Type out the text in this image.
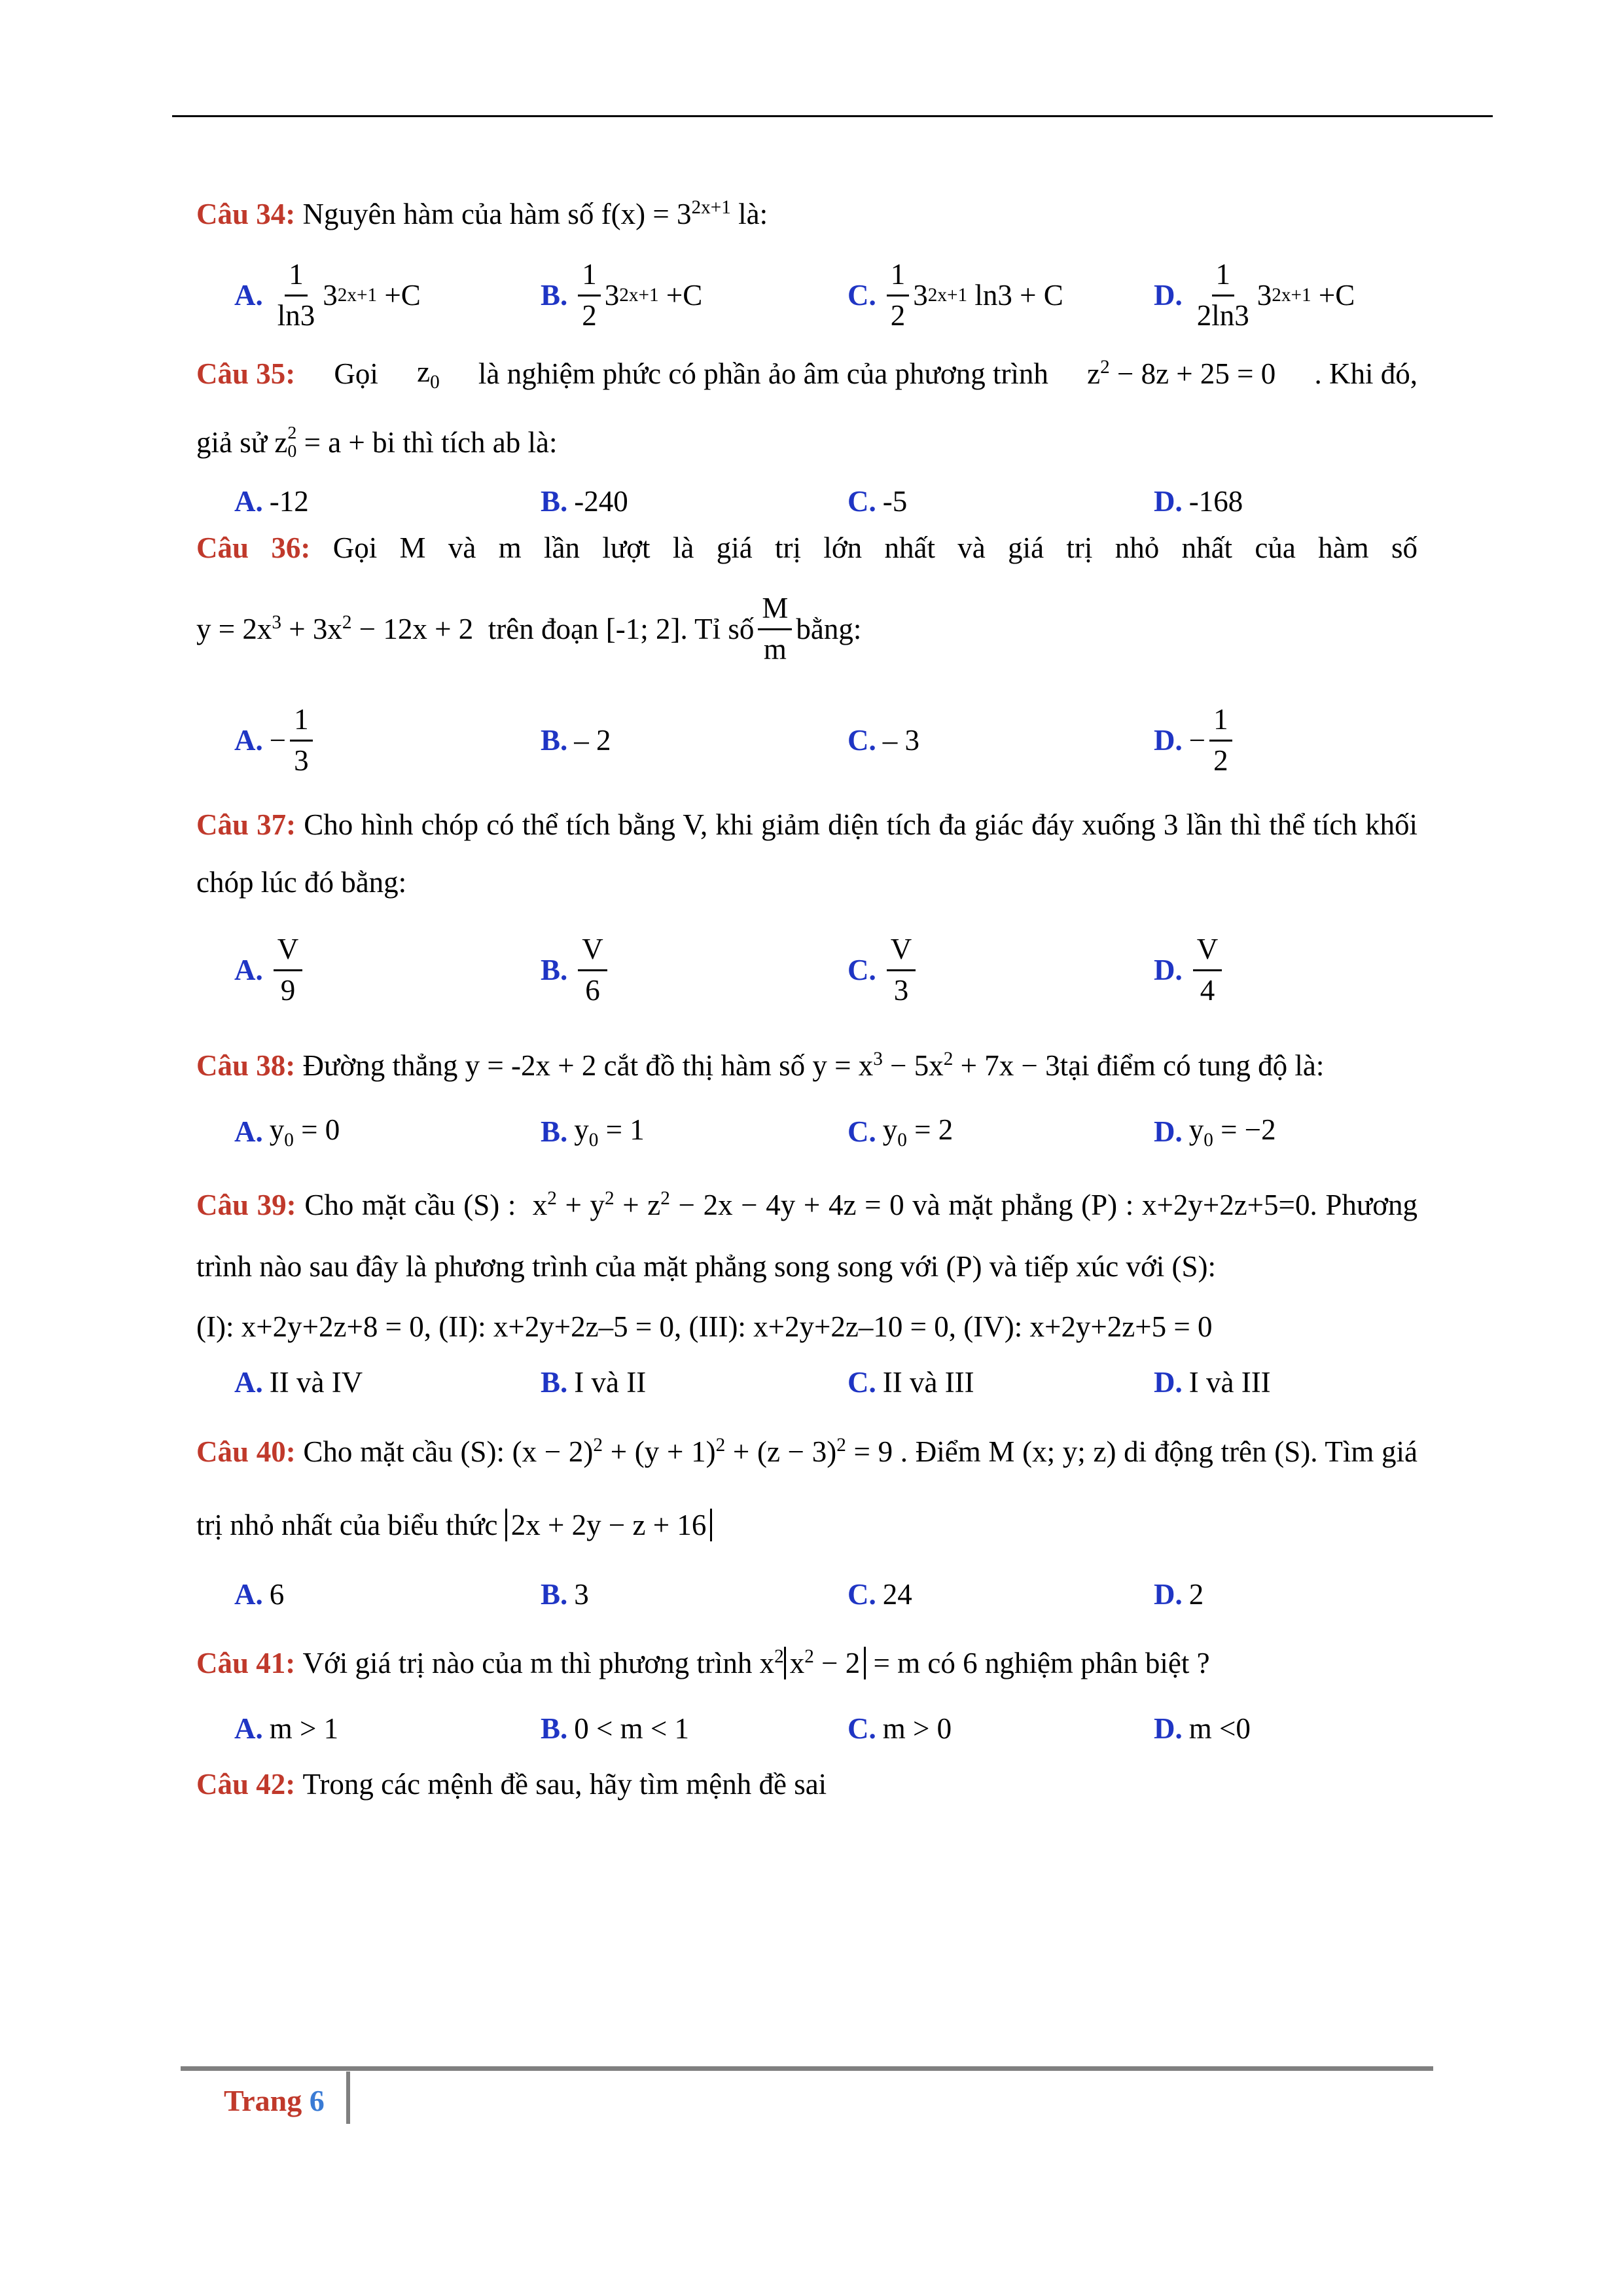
Câu 34: Nguyên hàm của hàm số $f(x) = 3^{2x+1}$ là:
A. $\frac{1}{\ln 3} 3$ 2x+1
+C	B. $\frac{1}{2} 3$ 2x+1
+C	C. $\frac{1}{2} 3$ 2x+1
ln3 + C	D. $\frac{1}{2\ln 3} 3$ 2x+1
+C
Câu 35: Gọi $z_0$ là nghiệm phức có phần ảo âm của phương trình $z^2 - 8z + 25 = 0$ . Khi đó,
giả sử
z 2
0
= a + bi
thì tích ab là:
A. -12	B. -240	C. -5	D. -168
Câu 36: Gọi M và m lần lượt là giá trị lớn nhất và giá trị nhỏ nhất của hàm số
$y = 2x^3 + 3x^2 - 12x + 2$
trên đoạn [-1; 2]. Tỉ số $\frac{M}{m}$ bằng:
A. − $\frac{1}{3}$	B. – 2	C. – 3	D. − $\frac{1}{2}$
Câu 37: Cho hình chóp có thể tích bằng V, khi giảm diện tích đa giác đáy xuống 3 lần thì thể tích khối chóp lúc đó bằng:
A. $\frac{V}{9}$	B. $\frac{V}{6}$	C. $\frac{V}{3}$	D. $\frac{V}{4}$
Câu 38: Đường thẳng y = -2x + 2 cắt đồ thị hàm số $y = x^3 - 5x^2 + 7x$ − 3tại điểm có tung độ là:
A. $y_0 = 0$	B. $y_0 = 1$	C. $y_0 = 2$	D. $y_0 = -2$
Câu 39: Cho mặt cầu (S) : $x^2 + y^2 + z^2 - 2x - 4y + 4z = 0$ và mặt phẳng (P) : x+2y+2z+5=0. Phương trình nào sau đây là phương trình của mặt phẳng song song với (P) và tiếp xúc với (S):
(I): x+2y+2z+8 = 0, (II): x+2y+2z–5 = 0, (III): x+2y+2z–10 = 0, (IV): x+2y+2z+5 = 0
A. II và IV	B. I và II	C. II và III	D. I và III
Câu 40: Cho mặt cầu (S): $(x - 2)^2 + (y + 1)^2 + (z - 3)^2 = 9$ . Điểm M (x; y; z) di động trên (S). Tìm giá trị nhỏ nhất của biểu thức 2x + 2y − z + 16
A. 6	B. 3	C. 24	D. 2
Câu 41:
Với giá trị nào của m thì phương trình
$x^2$ $x^2 - 2 = m$
có 6 nghiệm phân biệt ?
A. m > 1	B. 0 < m < 1	C. m > 0	D. m <0
Câu 42:
Trong các mệnh đề sau, hãy tìm mệnh đề sai
Trang 6
